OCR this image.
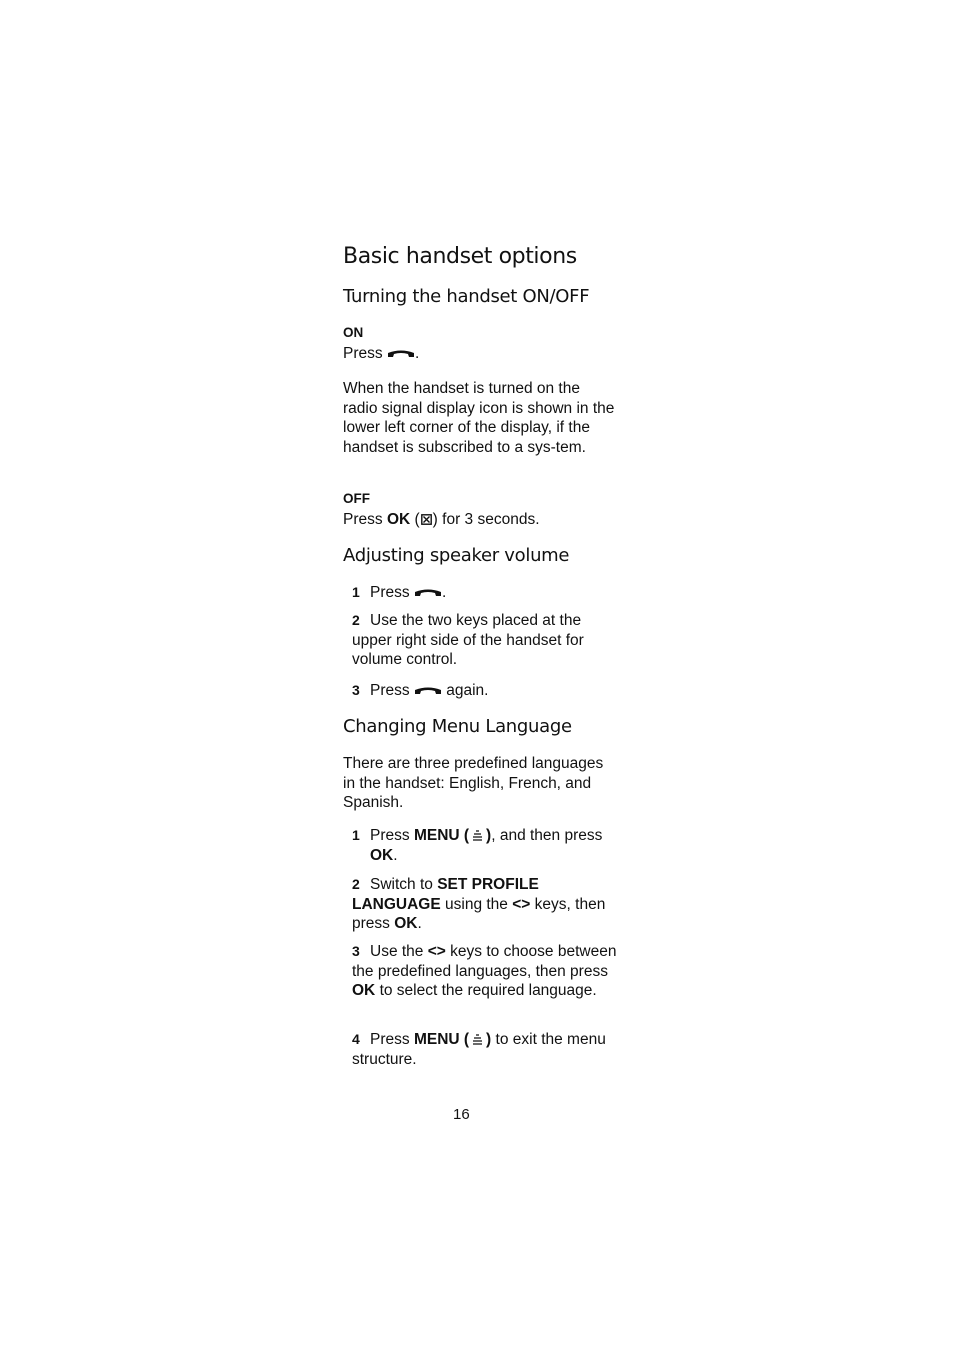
Basic handset options
Turning the handset ON/OFF
ON
Press .
When the handset is turned on the radio signal display icon is shown in the lower left corner of the display, if the handset is subscribed to a sys-tem.
OFF
Press OK ( ) for 3 seconds.
Adjusting speaker volume
1 Press .
2 Use the two keys placed at the upper right side of the handset for volume control.
3 Press again.
Changing Menu Language
There are three predefined languages in the handset: English, French, and Spanish.
1 Press MENU ( ), and then press
OK.
2 Switch to SET PROFILE LANGUAGE using the <> keys, then press OK.
3 Use the <> keys to choose between the predefined languages, then press OK to select the required language.
4 Press MENU ( ) to exit the menu structure.
16
